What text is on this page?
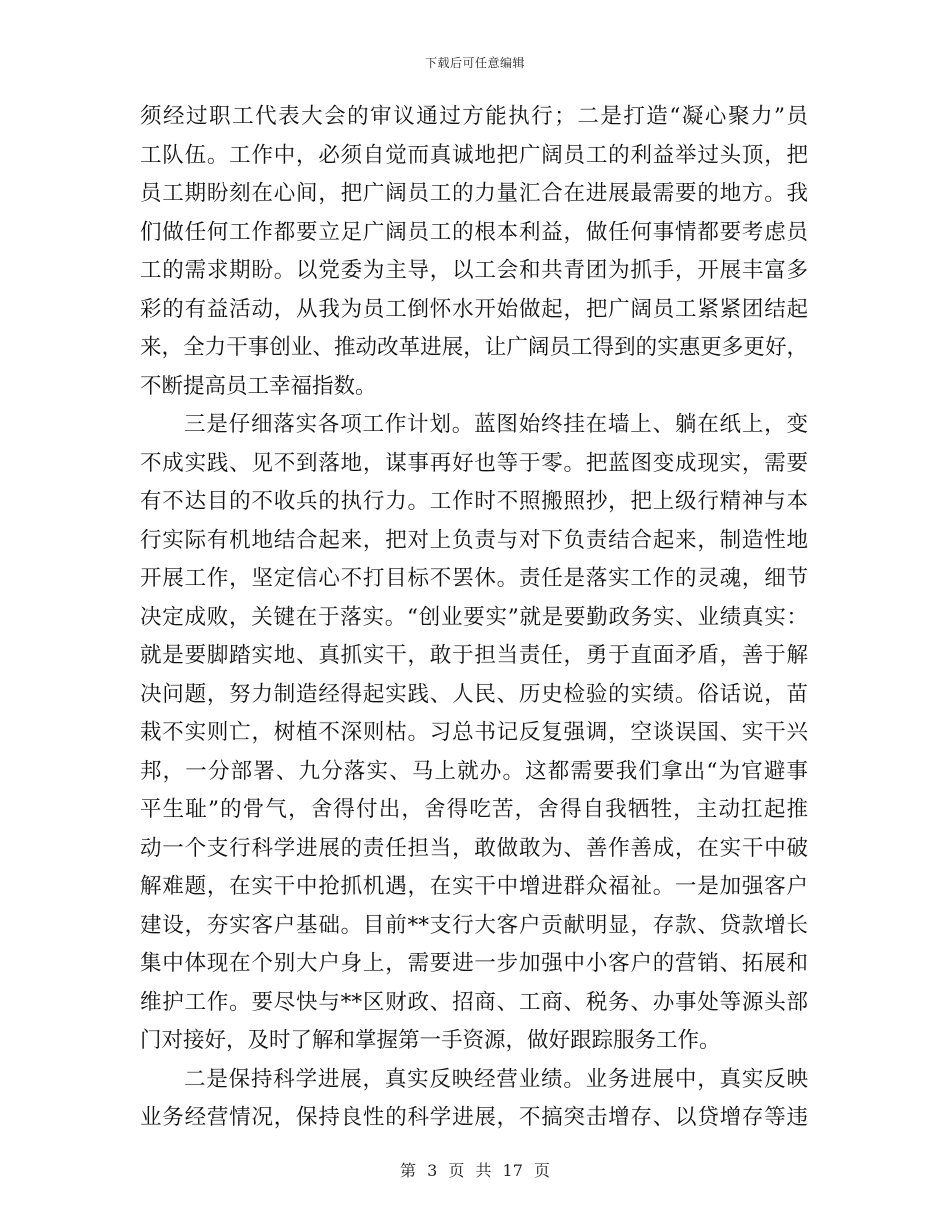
下载后可任意编辑
须经过职工代表大会的审议通过方能执行；二是打造“凝心聚力”员
工队伍。工作中，必须自觉而真诚地把广阔员工的利益举过头顶，把
员工期盼刻在心间，把广阔员工的力量汇合在进展最需要的地方。我
们做任何工作都要立足广阔员工的根本利益，做任何事情都要考虑员
工的需求期盼。以党委为主导，以工会和共青团为抓手，开展丰富多
彩的有益活动，从我为员工倒怀水开始做起，把广阔员工紧紧团结起
来，全力干事创业、推动改革进展，让广阔员工得到的实惠更多更好，
不断提高员工幸福指数。
三是仔细落实各项工作计划。蓝图始终挂在墙上、躺在纸上，变
不成实践、见不到落地，谋事再好也等于零。把蓝图变成现实，需要
有不达目的不收兵的执行力。工作时不照搬照抄，把上级行精神与本
行实际有机地结合起来，把对上负责与对下负责结合起来，制造性地
开展工作，坚定信心不打目标不罢休。责任是落实工作的灵魂，细节
决定成败，关键在于落实。“创业要实”就是要勤政务实、业绩真实：
就是要脚踏实地、真抓实干，敢于担当责任，勇于直面矛盾，善于解
决问题，努力制造经得起实践、人民、历史检验的实绩。俗话说，苗
栽不实则亡，树植不深则枯。习总书记反复强调，空谈误国、实干兴
邦，一分部署、九分落实、马上就办。这都需要我们拿出“为官避事
平生耻”的骨气，舍得付出，舍得吃苦，舍得自我牺牲，主动扛起推
动一个支行科学进展的责任担当，敢做敢为、善作善成，在实干中破
解难题，在实干中抢抓机遇，在实干中增进群众福祉。一是加强客户
建设，夯实客户基础。目前**支行大客户贡献明显，存款、贷款增长
集中体现在个别大户身上，需要进一步加强中小客户的营销、拓展和
维护工作。要尽快与**区财政、招商、工商、税务、办事处等源头部
门对接好，及时了解和掌握第一手资源，做好跟踪服务工作。
二是保持科学进展，真实反映经营业绩。业务进展中，真实反映
业务经营情况，保持良性的科学进展，不搞突击增存、以贷增存等违
第 3 页 共 17 页
